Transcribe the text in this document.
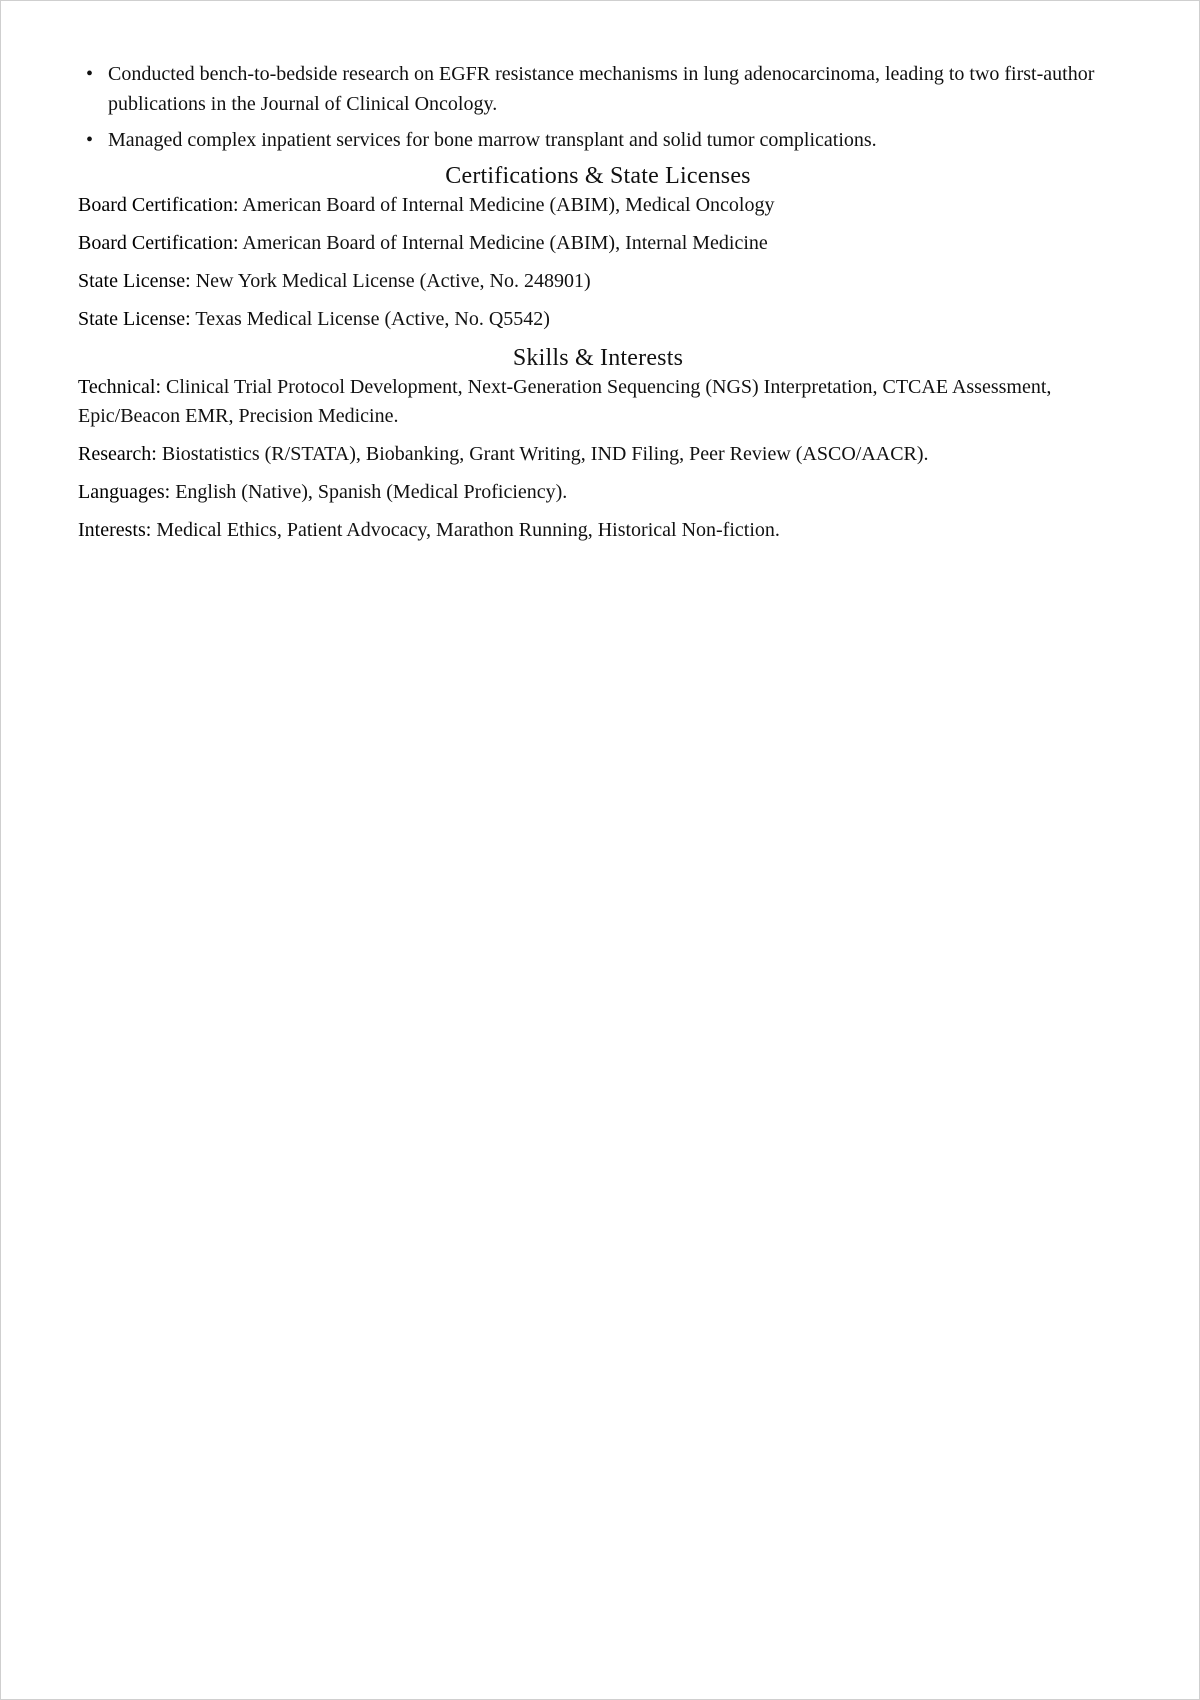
• Conducted bench-to-bedside research on EGFR resistance mechanisms in lung adenocarcinoma, leading to two first-author publications in the Journal of Clinical Oncology.
• Managed complex inpatient services for bone marrow transplant and solid tumor complications.
Certifications & State Licenses

Board Certification: American Board of Internal Medicine (ABIM), Medical Oncology

Board Certification: American Board of Internal Medicine (ABIM), Internal Medicine

State License: New York Medical License (Active, No. 248901)

State License: Texas Medical License (Active, No. Q5542)

Skills & Interests

Technical: Clinical Trial Protocol Development, Next-Generation Sequencing (NGS) Interpretation, CTCAE Assessment, Epic/Beacon EMR, Precision Medicine.

Research: Biostatistics (R/STATA), Biobanking, Grant Writing, IND Filing, Peer Review (ASCO/AACR).

Languages: English (Native), Spanish (Medical Proficiency).

Interests: Medical Ethics, Patient Advocacy, Marathon Running, Historical Non-fiction.
